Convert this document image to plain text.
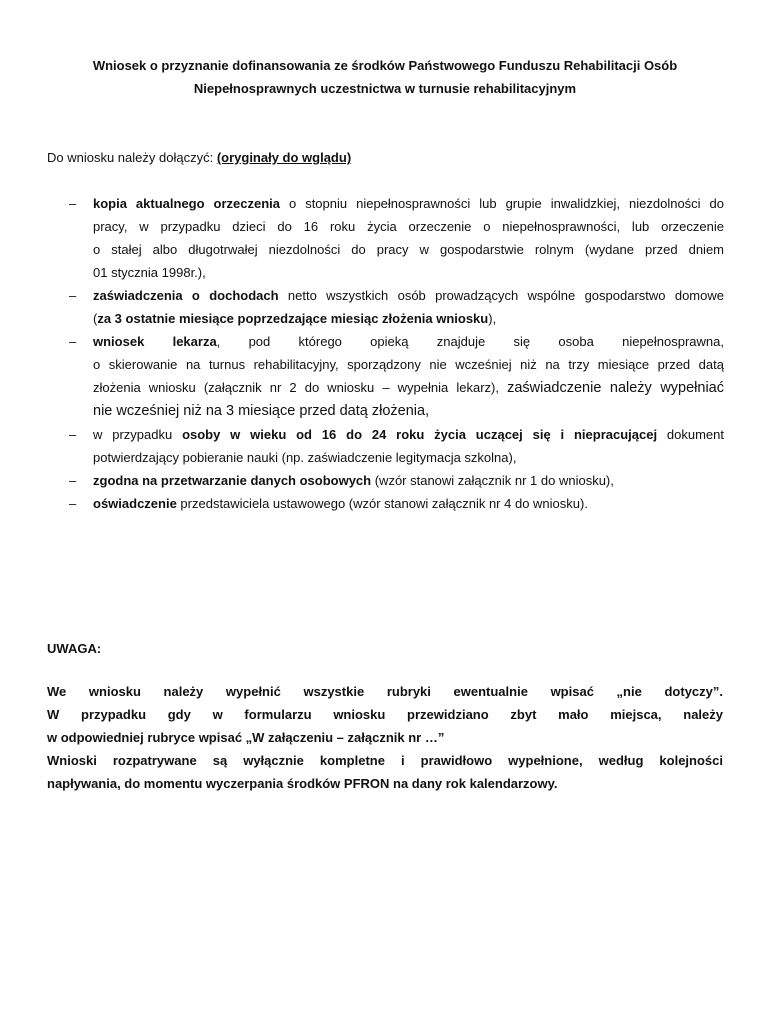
Wniosek o przyznanie dofinansowania ze środków Państwowego Funduszu Rehabilitacji Osób
Niepełnosprawnych uczestnictwa w turnusie rehabilitacyjnym
Do wniosku należy dołączyć: (oryginały do wglądu)
– kopia aktualnego orzeczenia o stopniu niepełnosprawności lub grupie inwalidzkiej, niezdolności do

pracy, w przypadku dzieci do 16 roku życia orzeczenie o niepełnosprawności, lub orzeczenie

o stałej albo długotrwałej niezdolności do pracy w gospodarstwie rolnym (wydane przed dniem

01 stycznia 1998r.),

– zaświadczenia o dochodach netto wszystkich osób prowadzących wspólne gospodarstwo domowe

(za 3 ostatnie miesiące poprzedzające miesiąc złożenia wniosku),

– wniosek lekarza, pod którego opieką znajduje się osoba niepełnosprawna,

o skierowanie na turnus rehabilitacyjny, sporządzony nie wcześniej niż na trzy miesiące przed datą

złożenia wniosku (załącznik nr 2 do wniosku – wypełnia lekarz), zaświadczenie należy wypełniać

nie wcześniej niż na 3 miesiące przed datą złożenia,

– w przypadku osoby w wieku od 16 do 24 roku życia uczącej się i niepracującej dokument

potwierdzający pobieranie nauki (np. zaświadczenie legitymacja szkolna),

– zgodna na przetwarzanie danych osobowych (wzór stanowi załącznik nr 1 do wniosku),

– oświadczenie przedstawiciela ustawowego (wzór stanowi załącznik nr 4 do wniosku).

UWAGA:

We wniosku należy wypełnić wszystkie rubryki ewentualnie wpisać „nie dotyczy”.

W przypadku gdy w formularzu wniosku przewidziano zbyt mało miejsca, należy

w odpowiedniej rubryce wpisać „W załączeniu – załącznik nr …”

Wnioski rozpatrywane są wyłącznie kompletne i prawidłowo wypełnione, według kolejności

napływania, do momentu wyczerpania środków PFRON na dany rok kalendarzowy.
